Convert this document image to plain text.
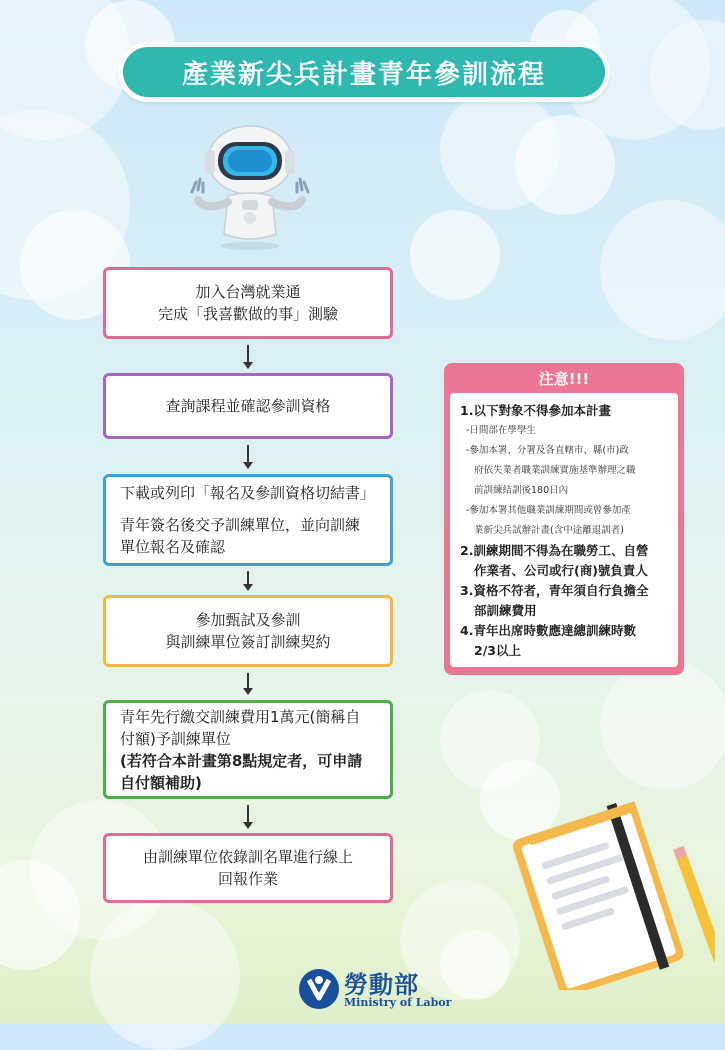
產業新尖兵計畫青年參訓流程
加入台灣就業通
完成「我喜歡做的事」測驗
查詢課程並確認參訓資格
下載或列印「報名及參訓資格切結書」
青年簽名後交予訓練單位，並向訓練
單位報名及確認
參加甄試及參訓
與訓練單位簽訂訓練契約
青年先行繳交訓練費用1萬元(簡稱自
付額)予訓練單位
(若符合本計畫第8點規定者，可申請
自付額補助)
由訓練單位依錄訓名單進行線上
回報作業
注意!!!
1.以下對象不得參加本計畫
-日間部在學學生
-參加本署、分署及各直轄市、縣(市)政
府依失業者職業訓練實施基準辦理之職
前訓練結訓後180日內
-參加本署其他職業訓練期間或曾參加產
業新尖兵試辦計畫(含中途離退訓者)
2.訓練期間不得為在職勞工、自營
作業者、公司或行(商)號負責人
3.資格不符者，青年須自行負擔全
部訓練費用
4.青年出席時數應達總訓練時數
2/3以上
勞動部
Ministry of Labor
